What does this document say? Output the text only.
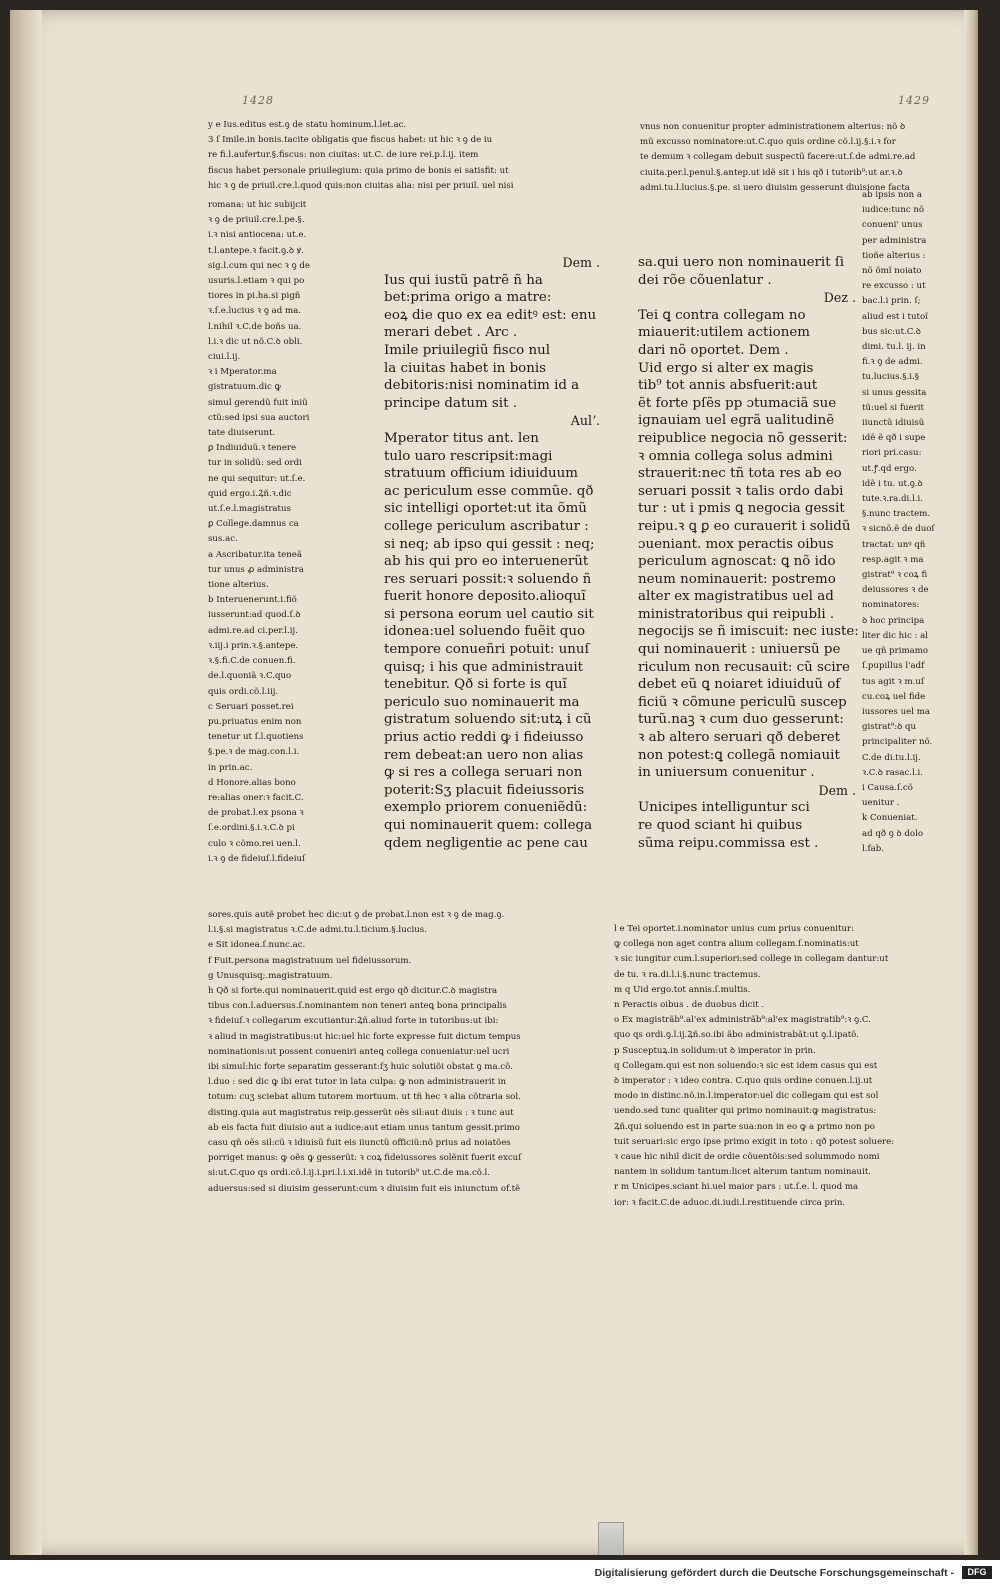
1428	1429
y e Ius.editus est.ꝯ de statu hominum.l.let.ac.
3 ſ Imile.in bonis.tacite obligatis que fiscus habet: ut hic ꝛ ꝯ de iu
re fi.l.aufertur.§.fiscus: non ciuitas: ut.C. de iure rei.p.l.ij. item
fiscus habet personale priuilegium: quia primo de bonis ei satisfit: ut
hic ꝛ ꝯ de priuil.cre.l.quod quis:non ciuitas alia: nisi per priuil. uel nisi
romana: ut hic subijcit
ꝛ ꝯ de priuil.cre.l.pe.§.
i.ꝛ nisi antiocena: ut.e.
t.l.antepe.ꝛ facit.ꝯ.ꝺ ꝟ.
sig.l.cum qui nec ꝛ ꝯ de
usuris.l.etiam ꝛ qui po
tiores in pi.ha.si pigñ
ꝛ.ſ.e.lucius ꝛ ꝯ ad ma.
l.nihil ꝛ.C.de boñs ua.
l.i.ꝛ dic ut nõ.C.ꝺ obli.
ciui.l.ij.
ꝛ i Mperator.ma
gistratuum.dic ꝙ
simul gerendũ fuit iniũ
ctũ:sed ipsi sua auctori
tate diuiserunt.
ꝑ Indiuiduũ.ꝛ tenere
tur in solidũ: sed ordi
ne qui sequitur: ut.ſ.e.
quid ergo.i.Ꝝñ.ꝛ.dic
ut.ſ.e.l.magistratus
ꝑ College.damnus ca
sus.ac.
a Ascribatur.ita teneã
tur unus ꝓ administra
tione alterius.
b Interuenerunt.i.fiõ
iusserunt:ad quod.ſ.ꝺ
admi.re.ad ci.per.l.ij.
ꝛ.iij.i prin.ꝛ.§.antepe.
ꝛ.§.fi.C.de conuen.fi.
de.l.quoniã ꝛ.C.quo
quis ordi.cõ.l.iij.
c Seruari posset.rei
pu.priuatus enim non
tenetur ut ſ.l.quotiens
§.pe.ꝛ de mag.con.l.i.
in prin.ac.
d Honore.alias bono
re:alias oner:ꝛ facit.C.
de probat.l.ex psona ꝛ
ſ.e.ordini.§.i.ꝛ.C.ꝺ pi
culo ꝛ cõmo.rei uen.l.
i.ꝛ ꝯ de fideiuſ.l.fideiuſ
Dem .
Ius qui iustũ patrẽ ñ ha
bet:prima origo a matre:
eoꝝ die quo ex ea editꝰ est: enu
merari debet . Arc .
Imile priuilegiũ fisco nul
la ciuitas habet in bonis
debitoris:nisi nominatim id a
principe datum sit .
Aulʼ.
Mperator titus ant. len
tulo uaro rescripsit:magi
stratuum officium idiuiduum
ac periculum esse commũe. qð
sic intelligi oportet:ut ita õmũ
college periculum ascribatur :
si neq; ab ipso qui gessit : neq;
ab his qui pro eo interuenerũt
res seruari possit:ꝛ soluendo ñ
fuerit honore deposito.alioquĩ
si persona eorum uel cautio sit
idonea:uel soluendo fuẽit quo
tempore conueñri potuit: unuſ
quisq; i his que administrauit
tenebitur. Qð si forte is quĩ
periculo suo nominauerit ma
gistratum soluendo sit:utꝝ i cũ
prius actio reddi ꝙ i fideiusso
rem debeat:an uero non alias
ꝙ si res a collega seruari non
poterit:Sʒ placuit fideiussoris
exemplo priorem conueniẽdũ:
qui nominauerit quem: collega
qdem negligentie ac pene cau
sores.quis autẽ probet hec dic:ut ꝯ de probat.l.non est ꝛ ꝯ de mag.ꝯ.
l.i.§.si magistratus ꝛ.C.de admi.tu.l.ticium.§.lucius.
e Sit idonea.ſ.nunc.ac.
f Fuit.persona magistratuum uel fideiussorum.
g Unusquisq;.magistratuum.
h Qð si forte.qui nominauerit.quid est ergo qð dicitur.C.ꝺ magistra
tibus con.l.aduersus.ſ.nominantem non teneri anteꝗ bona principalis
ꝛ fideiuſ.ꝛ collegarum excutiantur:Ꝝñ.aliud forte in tutoribus:ut ibi:
ꝛ aliud in magistratibus:ut hic:uel hic forte expresse fuit dictum tempus
nominationis:ut possent conueniri anteꝗ collega conueniatur:uel ucri
ibi simul:hic forte separatim gesserant:ſʒ huic solutiõi obstat ꝯ ma.cõ.
l.duo : sed dic ꝙ ibi erat tutor in lata culpa: ꝙ non administrauerit in
totum: cuʒ sciebat alium tutorem mortuum. ut tñ hec ꝛ alia cõtraria sol.
disting.quia aut magistratus reip.gesserũt oẽs sil:aut diuis : ꝛ tunc aut
ab eis facta fuit diuisio aut a iudice:aut etiam unus tantum gessit.primo
casu qñ oẽs sil:cũ ꝛ idiuisũ fuit eis iiunctũ officiũ:nõ prius ad noiatões
porriget manus: ꝙ oẽs ꝙ gesserũt: ꝛ coꝝ fideiussores solẽnit fuerit excuſ
si:ut.C.quo qs ordi.cõ.l.ij.i.pri.l.i.xi.idẽ in tutorib⁹ ut.C.de ma.cõ.l.
aduersus:sed si diuisim gesserunt:cum ꝛ diuisim fuit eis iniunctum of.tẽ
vnus non conuenitur propter administrationem alterius: nõ ꝺ
mũ excusso nominatore:ut.C.quo quis ordine cõ.l.ij.§.i.ꝛ for
te demum ꝛ collegam debuit suspectũ facere:ut.ſ.de admi.re.ad
ciuita.per.l.penul.§.antep.ut idẽ sit i his qð i tutorib⁹:ut ar.ꝛ.ꝺ
admi.tu.l.lucius.§.pe. si uero diuisim gesserunt diuisione facta
sa.qui uero non nominauerit ſi
dei rõe cõuenlatur .
Dez .
Tei ꝗ contra collegam no
miauerit:utilem actionem
dari nõ oportet. Dem .
Uid ergo si alter ex magis
tib⁹ tot annis absfuerit:aut
ẽt forte pſẽs pp ɔtumaciã sue
ignauiam uel egrã ualitudinẽ
reipublice negocia nõ gesserit:
ꝛ omnia collega solus admini
strauerit:nec tñ tota res ab eo
seruari possit ꝛ talis ordo dabi
tur : ut i pmis ꝗ negocia gessit
reipu.ꝛ ꝗ ꝑ eo curauerit i solidũ
ɔueniant. mox peractis oibus
periculum agnoscat: ꝗ nõ ido
neum nominauerit: postremo
alter ex magistratibus uel ad
ministratoribus qui reipubli .
negocijs se ñ imiscuit: nec iuste:
qui nominauerit : uniuersũ pe
riculum non recusauit: cũ scire
debet eũ ꝗ noiaret idiuiduũ of
ficiũ ꝛ cõmune periculũ suscep
turũ.naꝫ ꝛ cum duo gesserunt:
ꝛ ab altero seruari qð deberet
non potest:ꝗ collegã nomiauit
in uniuersum conuenitur .
Dem .
Unicipes intelliguntur sci
re quod sciant hi quibus
sũma reipu.commissa est .
ab ipsis non a
iudice:tunc nõ
conueni' unus
per administra
tioñe alterius :
nõ õmĩ noiato
re excusso : ut
bac.l.i prin. ſ;
aliud est i tutoĩ
bus sic:ut.C.ꝺ
dimi. tu.l. ij. in
fi.ꝛ ꝯ de admi.
tu.lucius.§.i.§
si unus gessita
tũ:uel si fuerit
iiunctũ idiuisũ
idẽ ẽ qð i supe
riori pri.casu:
ut.ꝭ.qd ergo.
idẽ i tu. ut.ꝯ.ꝺ
tute.ꝛ.ra.di.l.i.
§.nunc tractem.
ꝛ sicnõ.ẽ de duoſ
tractat: unꝰ qñ
resp.agit ꝛ ma
gistrat⁹ ꝛ coꝝ fi
deiussores ꝛ de
nominatores:
ꝺ hoc principa
liter dic hic : al
ue qñ primamo
ſ.pupillus l'adf
tus agit ꝛ m.uſ
cu.coꝝ uel fide
iussores uel ma
gistrat⁹:ꝺ qu
principaliter nõ.
C.de di.tu.l.ij.
ꝛ.C.ꝺ rasac.l.i.
i Causa.ſ.cõ
uenitur .
k Conueniat.
ad qð ꝯ ꝺ dolo
l.fab.
l e Tei oportet.i.nominator unius cum prius conuenitur:
ꝙ collega non aget contra alium collegam.ſ.nominatis:ut
ꝛ sic iungitur cum.l.superiori:sed college in collegam dantur:ut
de tu. ꝛ ra.di.l.i.§.nunc tractemus.
m q Uid ergo.tot annis.ſ.multis.
n Peractis oibus . de duobus dicit .
o Ex magistrãb⁹.al'ex administrãb⁹:al'ex magistratib⁹:ꝛ ꝯ.C.
quo qs ordi.ꝯ.l.ij.Ꝝñ.so.ibi ãbo administrabãt:ut ꝯ.l.ipatõ.
p Susceptuꝝ.in solidum:ut ꝺ imperator in prin.
q Collegam.qui est non soluendo:ꝛ sic est idem casus qui est
ꝺ imperator : ꝛ ideo contra. C.quo quis ordine conuen.l.ij.ut
modo in distinc.nõ.in.l.imperator:uel dic collegam qui est sol
uendo.sed tunc qualiter qui primo nominauit:ꝙ magistratus:
Ꝝñ.qui soluendo est in parte sua:non in eo ꝙ a primo non po
tuit seruari:sic ergo ipse primo exigit in toto : qð potest soluere:
ꝛ caue hic nihil dicit de ordie cõuentõis:sed solummodo nomi
nantem in solidum tantum:licet alterum tantum nominauit.
r m Unicipes.sciant hi.uel maior pars : ut.ſ.e. l. quod ma
ior: ꝛ facit.C.de aduoc.di.iudi.l.restituende circa prin.
Digitalisierung gefördert durch die Deutsche Forschungsgemeinschaft -	DFG
